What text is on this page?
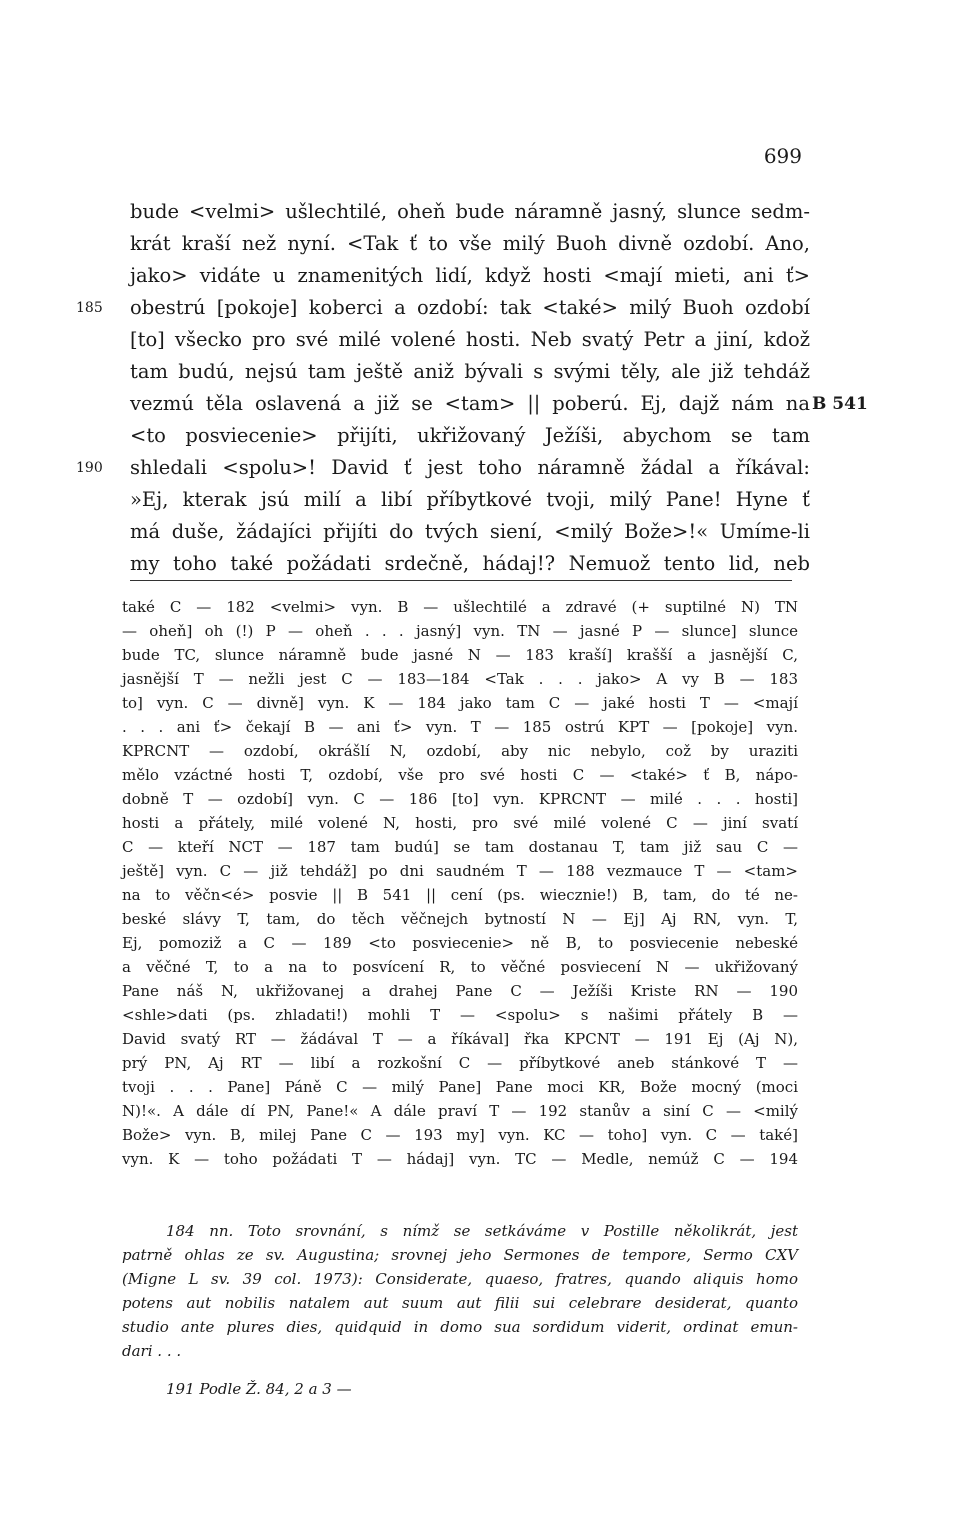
699
bude <velmi> ušlechtilé, oheň bude náramně jasný, slunce sedm-
krát kraší než nyní. <Tak ť to vše milý Buoh divně ozdobí. Ano,
jako> vidáte u znamenitých lidí, když hosti <mají mieti, ani ť>
185	obestrú [pokoje] koberci a ozdobí: tak <také> milý Buoh ozdobí
[to] všecko pro své milé volené hosti. Neb svatý Petr a jiní, kdož
tam budú, nejsú tam ještě aniž bývali s svými těly, ale již tehdáž
vezmú těla oslavená a již se <tam> || poberú. Ej, dajž nám na B 541
<to posviecenie> přijíti, ukřižovaný Ježíši, abychom se tam
190	shledali <spolu>! David ť jest toho náramně žádal a říkával:
»Ej, kterak jsú milí a libí příbytkové tvoji, milý Pane! Hyne ť
má duše, žádajíci přijíti do tvých siení, <milý Bože>!« Umíme-li
my toho také požádati srdečně, hádaj!? Nemuož tento lid, neb
také C — 182 <velmi> vyn. B — ušlechtilé a zdravé (+ suptilné N) TN
— oheň] oh (!) P — oheň . . . jasný] vyn. TN — jasné P — slunce] slunce
bude TC, slunce náramně bude jasné N — 183 kraší] krašší a jasnější C,
jasnější T — nežli jest C — 183—184 <Tak . . . jako> A vy B — 183
to] vyn. C — divně] vyn. K — 184 jako tam C — jaké hosti T — <mají
. . . ani ť> čekají B — ani ť> vyn. T — 185 ostrú KPT — [pokoje] vyn.
KPRCNT — ozdobí, okrášlí N, ozdobí, aby nic nebylo, což by uraziti
mělo vzáctné hosti T, ozdobí, vše pro své hosti C — <také> ť B, nápo-
dobně T — ozdobí] vyn. C — 186 [to] vyn. KPRCNT — milé . . . hosti]
hosti a přátely, milé volené N, hosti, pro své milé volené C — jiní svatí
C — kteří NCT — 187 tam budú] se tam dostanau T, tam již sau C —
ještě] vyn. C — již tehdáž] po dni saudném T — 188 vezmauce T — <tam>
na to věčn<é> posvie || B 541 || cení (ps. wiecznie!) B, tam, do té ne-
beské slávy T, tam, do těch věčnejch bytností N — Ej] Aj RN, vyn. T,
Ej, pomoziž a C — 189 <to posviecenie> ně B, to posviecenie nebeské
a věčné T, to a na to posvícení R, to věčné posviecení N — ukřižovaný
Pane náš N, ukřižovanej a drahej Pane C — Ježíši Kriste RN — 190
<shle>dati (ps. zhladati!) mohli T — <spolu> s našimi přátely B —
David svatý RT — žádával T — a říkával] řka KPCNT — 191 Ej (Aj N),
prý PN, Aj RT — libí a rozkošní C — příbytkové aneb stánkové T —
tvoji . . . Pane] Páně C — milý Pane] Pane moci KR, Bože mocný (moci
N)!«. A dále dí PN, Pane!« A dále praví T — 192 stanův a siní C — <milý
Bože> vyn. B, milej Pane C — 193 my] vyn. KC — toho] vyn. C — také]
vyn. K — toho požádati T — hádaj] vyn. TC — Medle, nemúž C — 194
184 nn. Toto srovnání, s nímž se setkáváme v Postille několikrát, jest
patrně ohlas ze sv. Augustina; srovnej jeho Sermones de tempore, Sermo CXV
(Migne L sv. 39 col. 1973): Considerate, quaeso, fratres, quando aliquis homo
potens aut nobilis natalem aut suum aut filii sui celebrare desiderat, quanto
studio ante plures dies, quidquid in domo sua sordidum viderit, ordinat emun-
dari . . .
191 Podle Ž. 84, 2 a 3 —
